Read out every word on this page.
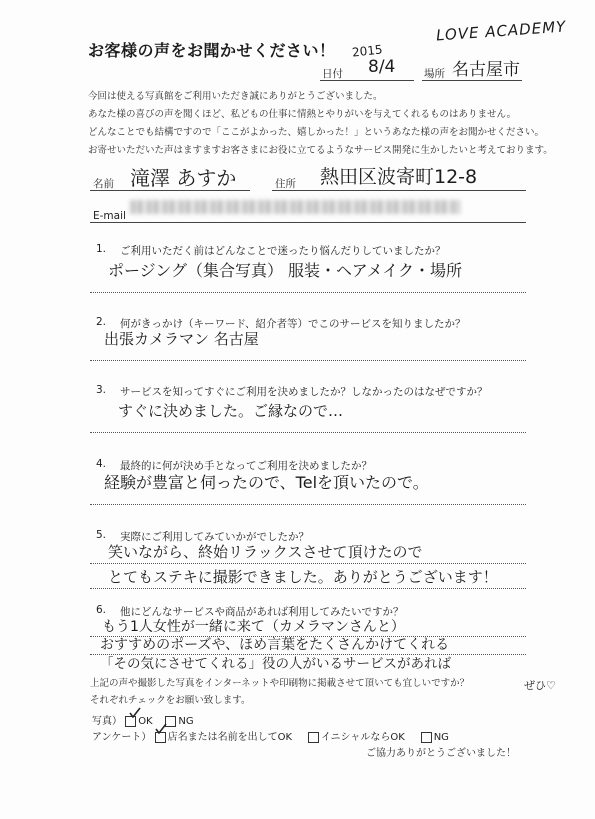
お客様の声をお聞かせください！
LOVE ACADEMY
2015
日付 8/4	場所 名古屋市
今回は使える写真館をご利用いただき誠にありがとうございました。
あなた様の喜びの声を聞くほど、私どもの仕事に情熱とやりがいを与えてくれるものはありません。
どんなことでも結構ですので「ここがよかった、嬉しかった！」というあなた様の声をお聞かせください。
お寄せいただいた声はますますお客さまにお役に立てるようなサービス開発に生かしたいと考えております。
名前 滝澤 あすか	住所 熱田区波寄町12-8
E-mail
1. ご利用いただく前はどんなことで迷ったり悩んだりしていましたか？
ポージング（集合写真） 服装・ヘアメイク・場所
2. 何がきっかけ（キーワード、紹介者等）でこのサービスを知りましたか？
出張カメラマン 名古屋
3. サービスを知ってすぐにご利用を決めましたか？しなかったのはなぜですか？
すぐに決めました。ご縁なので…
4. 最終的に何が決め手となってご利用を決めましたか？
経験が豊富と伺ったので、Telを頂いたので。
5. 実際にご利用してみていかがでしたか？
笑いながら、終始リラックスさせて頂けたので
とてもステキに撮影できました。ありがとうございます！
6. 他にどんなサービスや商品があれば利用してみたいですか？
もう1人女性が一緒に来て（カメラマンさんと）
おすすめのポーズや、ほめ言葉をたくさんかけてくれる
「その気にさせてくれる」役の人がいるサービスがあれば
ぜひ♡
上記の声や撮影した写真をインターネットや印刷物に掲載させて頂いても宜しいですか？
それぞれチェックをお願い致します。
写真） OK	NG
アンケート） 店名または名前を出してOK	イニシャルならOK	NG
ご協力ありがとうございました！
